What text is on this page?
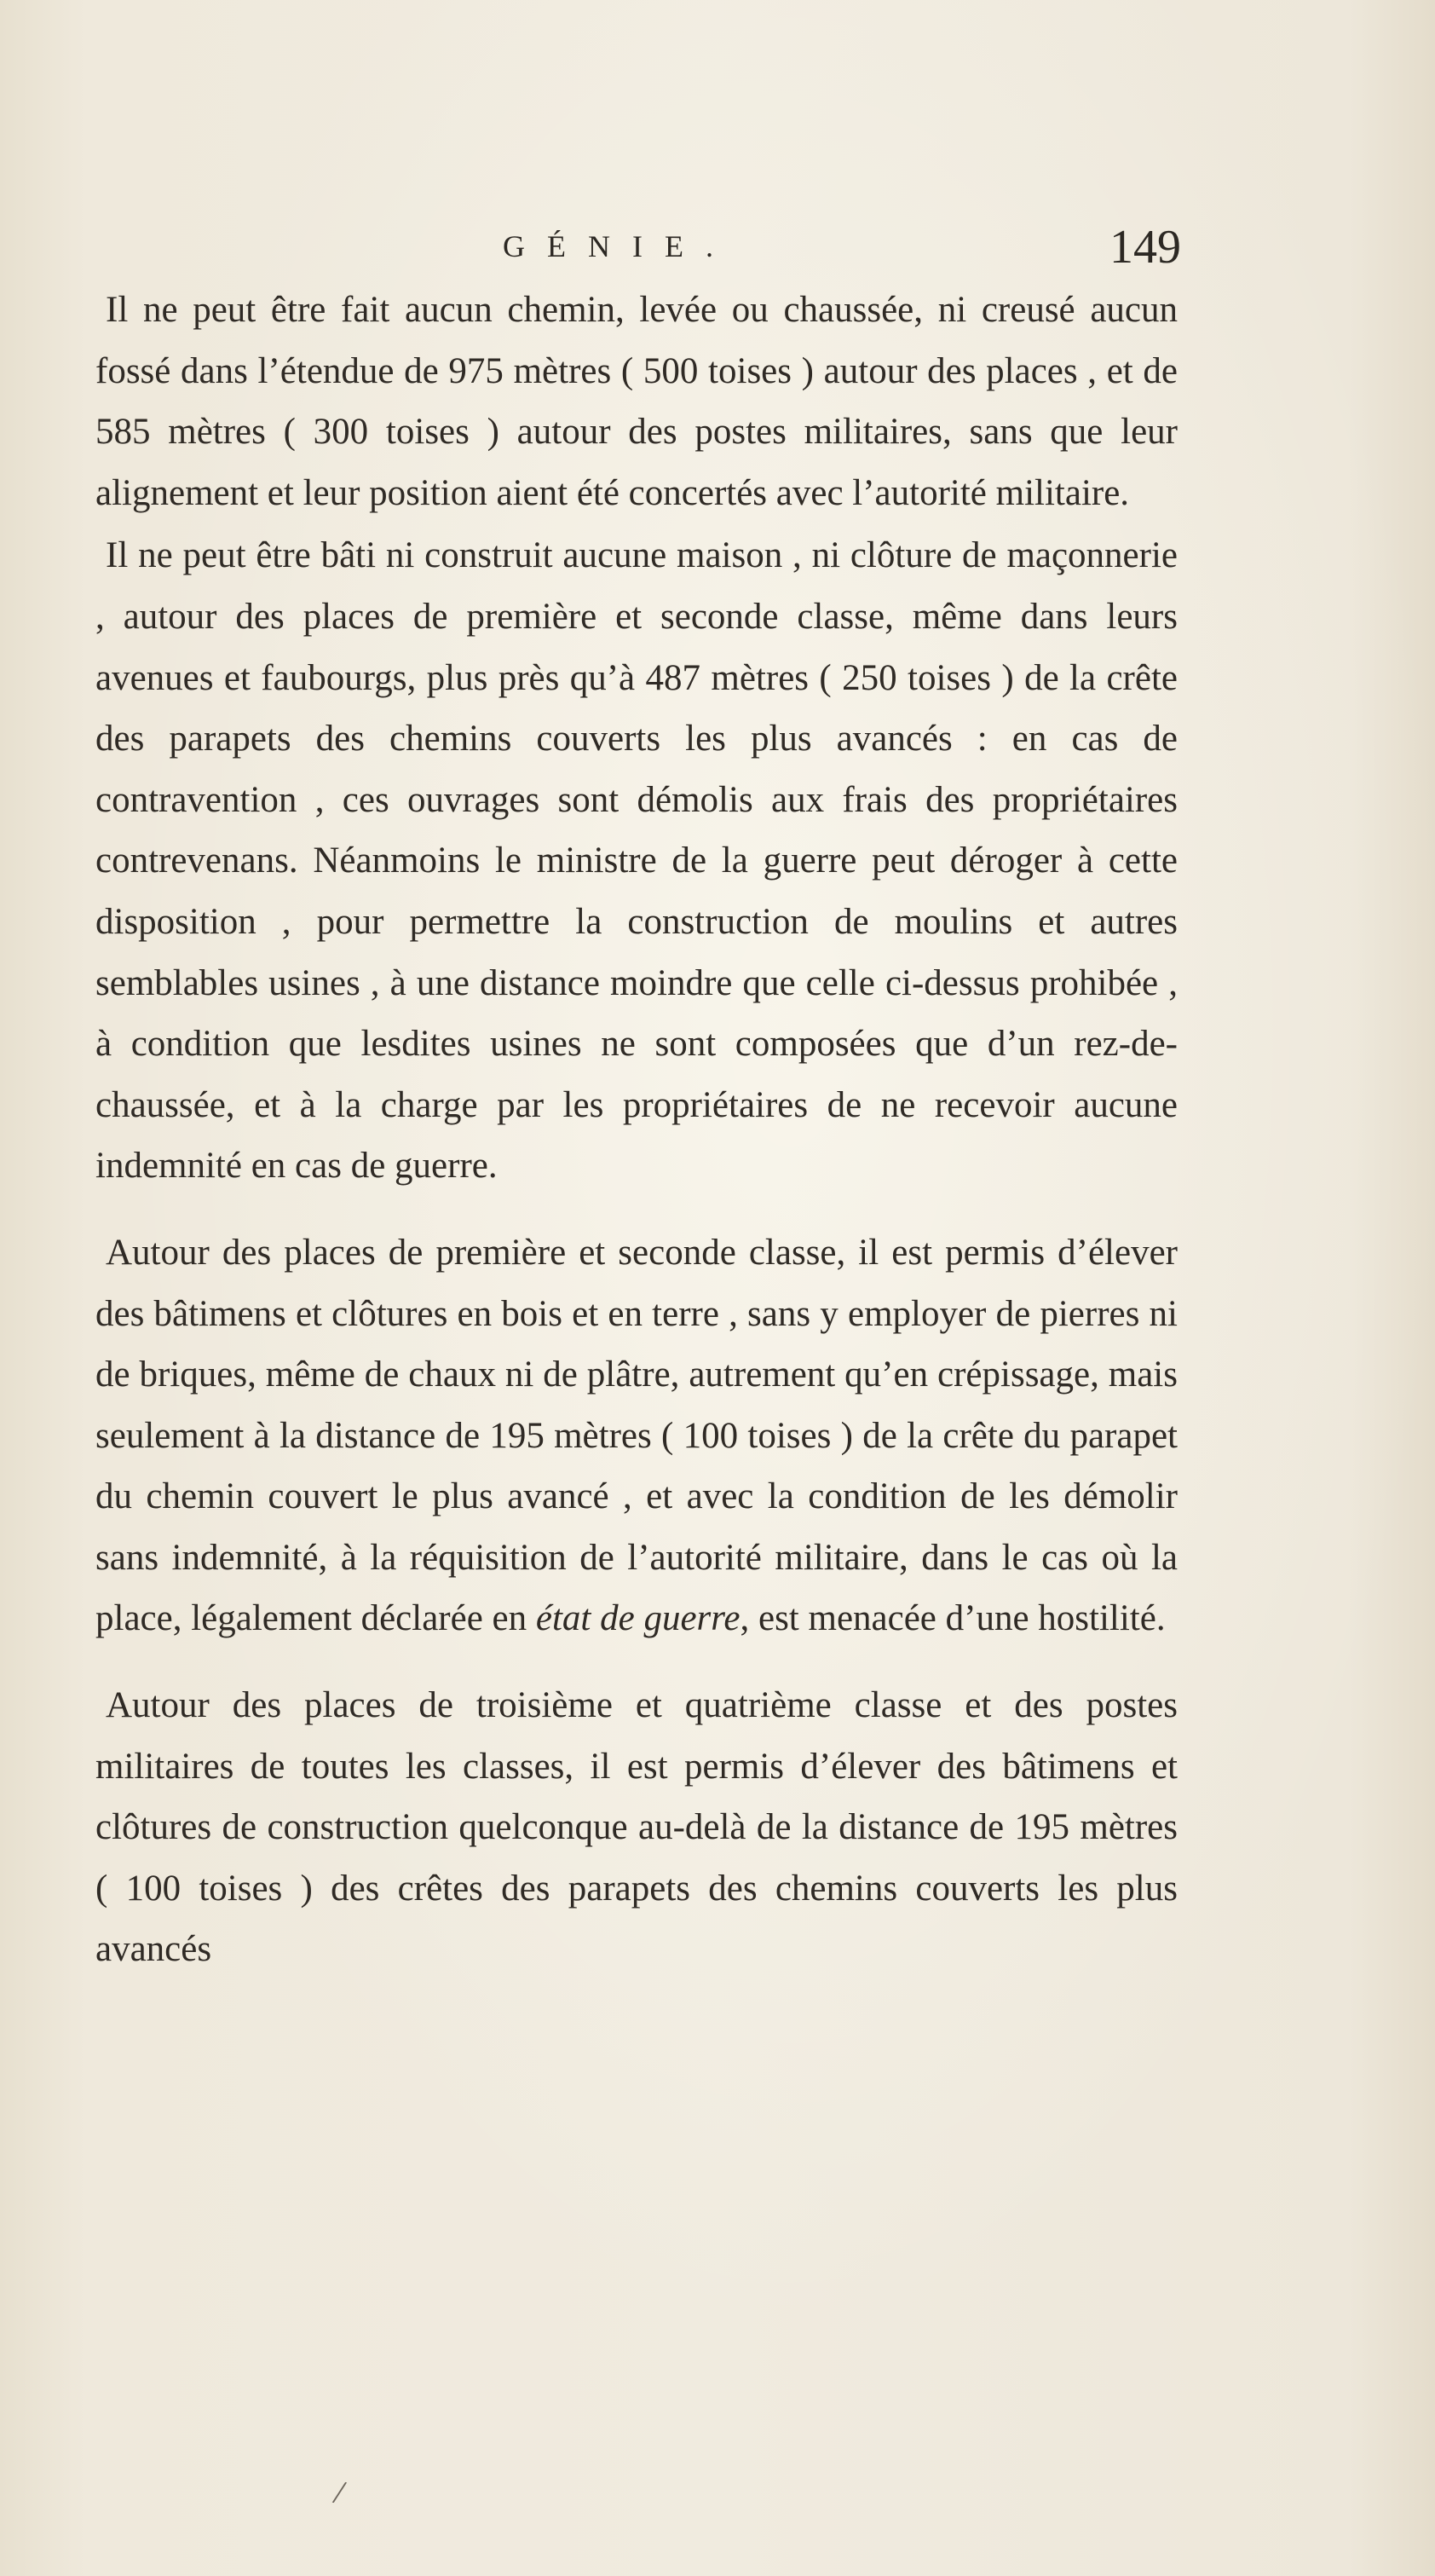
GÉNIE.	149

Il ne peut être fait aucun chemin, levée ou chaussée, ni creusé aucun fossé dans l’étendue de 975 mètres ( 500 toises ) autour des places , et de 585 mètres ( 300 toises ) autour des postes militaires, sans que leur alignement et leur position aient été concertés avec l’autorité militaire.

Il ne peut être bâti ni construit aucune maison , ni clôture de maçonnerie , autour des places de première et seconde classe, même dans leurs avenues et faubourgs, plus près qu’à 487 mètres ( 250 toises ) de la crête des parapets des chemins couverts les plus avancés : en cas de contravention , ces ouvrages sont démolis aux frais des propriétaires contrevenans. Néanmoins le ministre de la guerre peut déroger à cette disposition , pour permettre la construction de moulins et autres semblables usines , à une distance moindre que celle ci-dessus prohibée , à condition que lesdites usines ne sont composées que d’un rez-de-chaussée, et à la charge par les propriétaires de ne recevoir aucune indemnité en cas de guerre.

Autour des places de première et seconde classe, il est permis d’élever des bâtimens et clôtures en bois et en terre , sans y employer de pierres ni de briques, même de chaux ni de plâtre, autrement qu’en crépissage, mais seulement à la distance de 195 mètres ( 100 toises ) de la crête du parapet du chemin couvert le plus avancé , et avec la condition de les démolir sans indemnité, à la réquisition de l’autorité militaire, dans le cas où la place, légalement déclarée en état de guerre, est menacée d’une hostilité.

Autour des places de troisième et quatrième classe et des postes militaires de toutes les classes, il est permis d’élever des bâtimens et clôtures de construction quelconque au-delà de la distance de 195 mètres ( 100 toises ) des crêtes des parapets des chemins couverts les plus avancés

/
